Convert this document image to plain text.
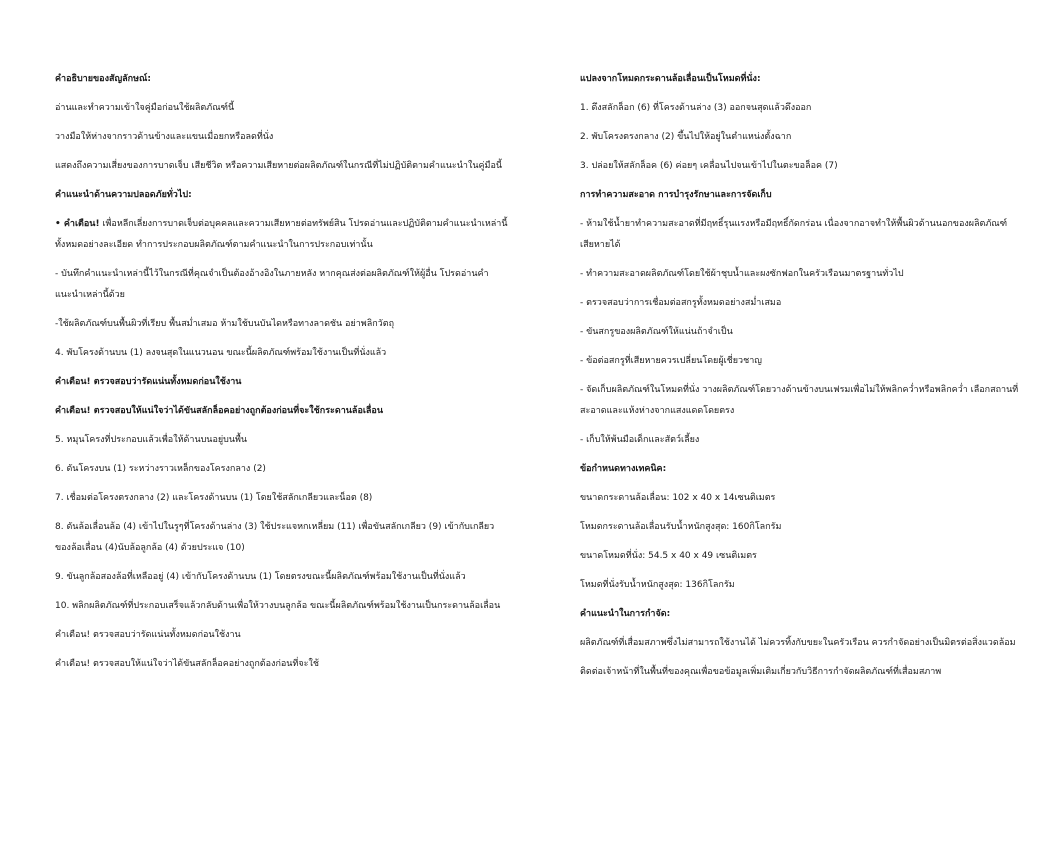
คำอธิบายของสัญลักษณ์:

อ่านและทำความเข้าใจคู่มือก่อนใช้ผลิตภัณฑ์นี้

วางมือให้ห่างจากราวด้านข้างและแขนเมื่อยกหรือลดที่นั่ง

แสดงถึงความเสี่ยงของการบาดเจ็บ เสียชีวิต หรือความเสียหายต่อผลิตภัณฑ์ในกรณีที่ไม่ปฏิบัติตามคำแนะนำในคู่มือนี้

คำแนะนำด้านความปลอดภัยทั่วไป:

• คำเตือน! เพื่อหลีกเลี่ยงการบาดเจ็บต่อบุคคลและความเสียหายต่อทรัพย์สิน โปรดอ่านและปฏิบัติตามคำแนะนำเหล่านี้ทั้งหมดอย่างละเอียด ทำการประกอบผลิตภัณฑ์ตามคำแนะนำในการประกอบเท่านั้น

- บันทึกคำแนะนำเหล่านี้ไว้ในกรณีที่คุณจำเป็นต้องอ้างอิงในภายหลัง หากคุณส่งต่อผลิตภัณฑ์ให้ผู้อื่น โปรดอ่านคำแนะนำเหล่านี้ด้วย

-ใช้ผลิตภัณฑ์บนพื้นผิวที่เรียบ พื้นสม่ำเสมอ ห้ามใช้บนบันไดหรือทางลาดชัน อย่าพลิกวัตถุ

4. พับโครงด้านบน (1) ลงจนสุดในแนวนอน ขณะนี้ผลิตภัณฑ์พร้อมใช้งานเป็นที่นั่งแล้ว

คำเตือน! ตรวจสอบว่ารัดแน่นทั้งหมดก่อนใช้งาน

คำเตือน! ตรวจสอบให้แน่ใจว่าได้ขันสลักล็อคอย่างถูกต้องก่อนที่จะใช้กระดานล้อเลื่อน

5. หมุนโครงที่ประกอบแล้วเพื่อให้ด้านบนอยู่บนพื้น

6. ดันโครงบน (1) ระหว่างราวเหล็กของโครงกลาง (2)

7. เชื่อมต่อโครงตรงกลาง (2) และโครงด้านบน (1) โดยใช้สลักเกลียวและน็อต (8)

8. ดันล้อเลื่อนล้อ (4) เข้าไปในรูๆที่โครงด้านล่าง (3) ใช้ประแจหกเหลี่ยม (11) เพื่อขันสลักเกลียว (9) เข้ากับเกลียวของล้อเลื่อน (4)นับล้อลูกล้อ (4) ด้วยประแจ (10)

9. ขันลูกล้อสองล้อที่เหลืออยู่ (4) เข้ากับโครงด้านบน (1) โดยตรงขณะนี้ผลิตภัณฑ์พร้อมใช้งานเป็นที่นั่งแล้ว

10. พลิกผลิตภัณฑ์ที่ประกอบเสร็จแล้วกลับด้านเพื่อให้วางบนลูกล้อ ขณะนี้ผลิตภัณฑ์พร้อมใช้งานเป็นกระดานล้อเลื่อน

คำเตือน! ตรวจสอบว่ารัดแน่นทั้งหมดก่อนใช้งาน

คำเตือน! ตรวจสอบให้แน่ใจว่าได้ขันสลักล็อคอย่างถูกต้องก่อนที่จะใช้

แปลงจากโหมดกระดานล้อเลื่อนเป็นโหมดที่นั่ง:

1. ดึงสลักล็อก (6) ที่โครงด้านล่าง (3) ออกจนสุดแล้วดึงออก

2. พับโครงตรงกลาง (2) ขึ้นไปให้อยู่ในตำแหน่งตั้งฉาก

3. ปล่อยให้สลักล็อค (6) ค่อยๆ เคลื่อนไปจนเข้าไปในตะขอล็อค (7)

การทำความสะอาด การบำรุงรักษาและการจัดเก็บ

- ห้ามใช้น้ำยาทำความสะอาดที่มีฤทธิ์รุนแรงหรือมีฤทธิ์กัดกร่อน เนื่องจากอาจทำให้พื้นผิวด้านนอกของผลิตภัณฑ์เสียหายได้

- ทำความสะอาดผลิตภัณฑ์โดยใช้ผ้าชุบน้ำและผงซักฟอกในครัวเรือนมาตรฐานทั่วไป

- ตรวจสอบว่าการเชื่อมต่อสกรูทั้งหมดอย่างสม่ำเสมอ

- ขันสกรูของผลิตภัณฑ์ให้แน่นถ้าจำเป็น

- ข้อต่อสกรูที่เสียหายควรเปลี่ยนโดยผู้เชี่ยวชาญ

- จัดเก็บผลิตภัณฑ์ในโหมดที่นั่ง วางผลิตภัณฑ์โดยวางด้านข้างบนเฟรมเพื่อไม่ให้พลิกคว่ำหรือพลิกคว่ำ เลือกสถานที่สะอาดและแห้งห่างจากแสงแดดโดยตรง

- เก็บให้พ้นมือเด็กและสัตว์เลี้ยง

ข้อกำหนดทางเทคนิค:

ขนาดกระดานล้อเลื่อน: 102 x 40 x 14เซนติเมตร

โหมดกระดานล้อเลื่อนรับน้ำหนักสูงสุด: 160กิโลกรัม

ขนาดโหมดที่นั่ง: 54.5 x 40 x 49 เซนติเมตร

โหมดที่นั่งรับน้ำหนักสูงสุด: 136กิโลกรัม

คำแนะนำในการกำจัด:

ผลิตภัณฑ์ที่เสื่อมสภาพซึ่งไม่สามารถใช้งานได้ ไม่ควรทิ้งกับขยะในครัวเรือน ควรกำจัดอย่างเป็นมิตรต่อสิ่งแวดล้อม

ติดต่อเจ้าหน้าที่ในพื้นที่ของคุณเพื่อขอข้อมูลเพิ่มเติมเกี่ยวกับวิธีการกำจัดผลิตภัณฑ์ที่เสื่อมสภาพ
